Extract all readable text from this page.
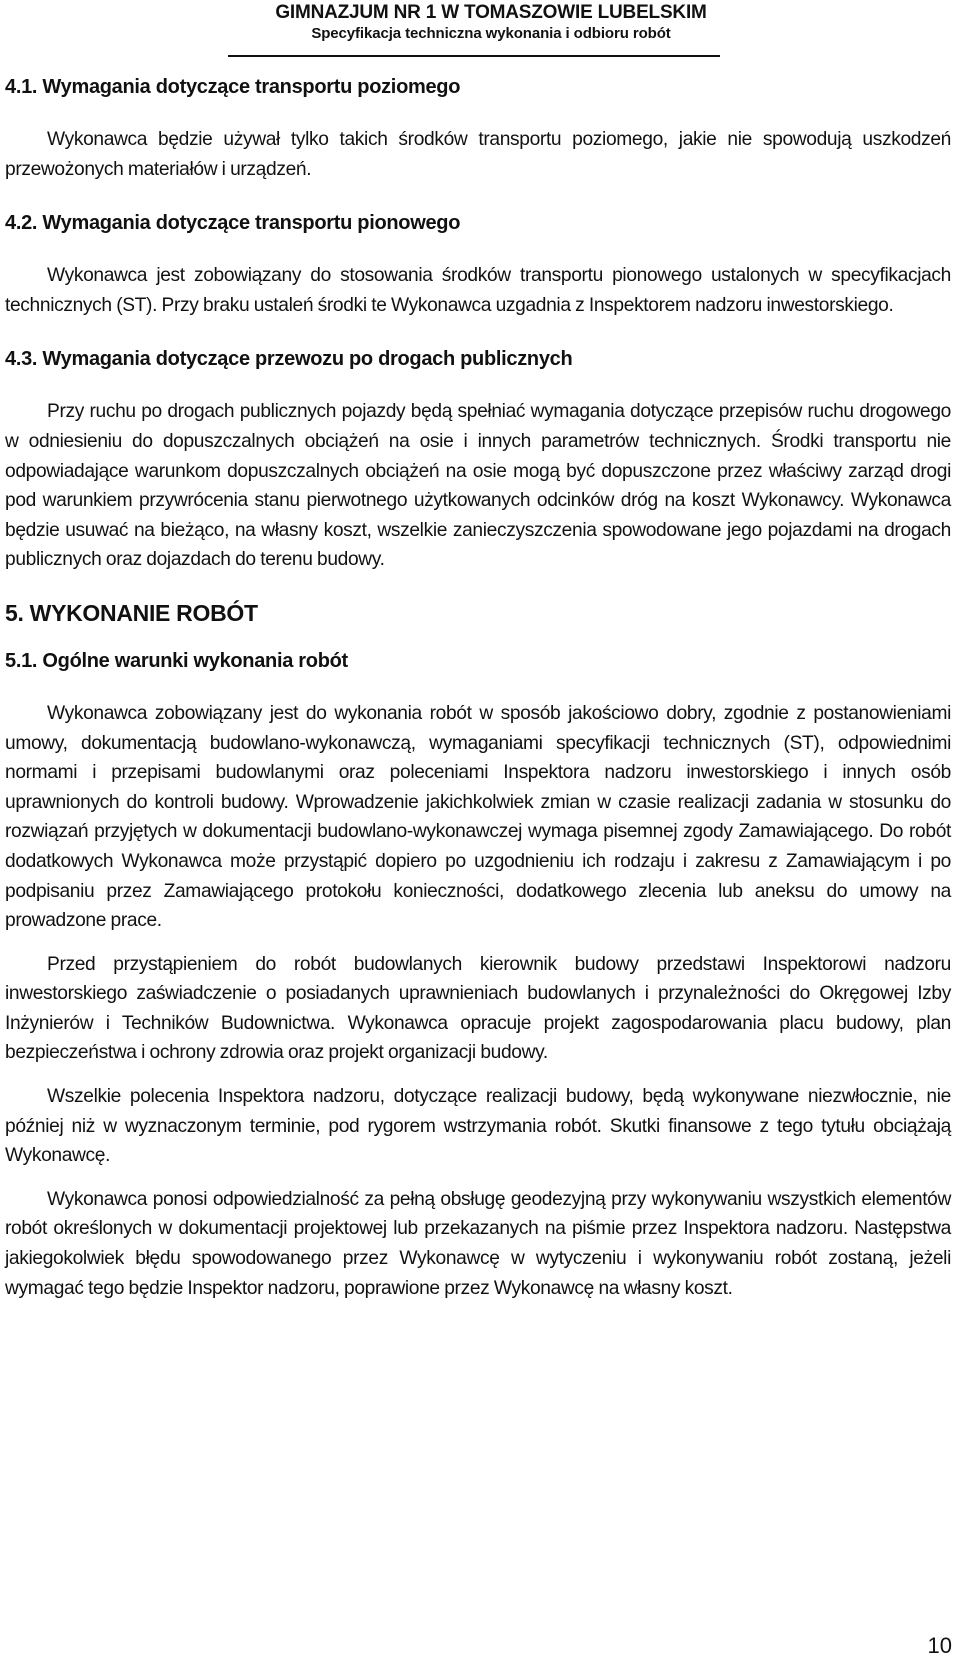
GIMNAZJUM NR 1 W TOMASZOWIE LUBELSKIM
Specyfikacja techniczna wykonania i odbioru robót
4.1. Wymagania dotyczące transportu poziomego

Wykonawca będzie używał tylko takich środków transportu poziomego, jakie nie spowodują uszkodzeń przewożonych materiałów i urządzeń.

4.2. Wymagania dotyczące transportu pionowego

Wykonawca jest zobowiązany do stosowania środków transportu pionowego ustalonych w specyfikacjach technicznych (ST). Przy braku ustaleń środki te Wykonawca uzgadnia z Inspektorem nadzoru inwestorskiego.

4.3. Wymagania dotyczące przewozu po drogach publicznych

Przy ruchu po drogach publicznych pojazdy będą spełniać wymagania dotyczące przepisów ruchu drogowego w odniesieniu do dopuszczalnych obciążeń na osie i innych parametrów technicznych. Środki transportu nie odpowiadające warunkom dopuszczalnych obciążeń na osie mogą być dopuszczone przez właściwy zarząd drogi pod warunkiem przywrócenia stanu pierwotnego użytkowanych odcinków dróg na koszt Wykonawcy. Wykonawca będzie usuwać na bieżąco, na własny koszt, wszelkie zanieczyszczenia spowodowane jego pojazdami na drogach publicznych oraz dojazdach do terenu budowy.

5. WYKONANIE ROBÓT
5.1. Ogólne warunki wykonania robót

Wykonawca zobowiązany jest do wykonania robót w sposób jakościowo dobry, zgodnie z postanowieniami umowy, dokumentacją budowlano-wykonawczą, wymaganiami specyfikacji technicznych (ST), odpowiednimi normami i przepisami budowlanymi oraz poleceniami Inspektora nadzoru inwestorskiego i innych osób uprawnionych do kontroli budowy. Wprowadzenie jakichkolwiek zmian w czasie realizacji zadania w stosunku do rozwiązań przyjętych w dokumentacji budowlano-wykonawczej wymaga pisemnej zgody Zamawiającego. Do robót dodatkowych Wykonawca może przystąpić dopiero po uzgodnieniu ich rodzaju i zakresu z Zamawiającym i po podpisaniu przez Zamawiającego protokołu konieczności, dodatkowego zlecenia lub aneksu do umowy na prowadzone prace.

Przed przystąpieniem do robót budowlanych kierownik budowy przedstawi Inspektorowi nadzoru inwestorskiego zaświadczenie o posiadanych uprawnieniach budowlanych i przynależności do Okręgowej Izby Inżynierów i Techników Budownictwa. Wykonawca opracuje projekt zagospodarowania placu budowy, plan bezpieczeństwa i ochrony zdrowia oraz projekt organizacji budowy.

Wszelkie polecenia Inspektora nadzoru, dotyczące realizacji budowy, będą wykonywane niezwłocznie, nie później niż w wyznaczonym terminie, pod rygorem wstrzymania robót. Skutki finansowe z tego tytułu obciążają Wykonawcę.

Wykonawca ponosi odpowiedzialność za pełną obsługę geodezyjną przy wykonywaniu wszystkich elementów robót określonych w dokumentacji projektowej lub przekazanych na piśmie przez Inspektora nadzoru. Następstwa jakiegokolwiek błędu spowodowanego przez Wykonawcę w wytyczeniu i wykonywaniu robót zostaną, jeżeli wymagać tego będzie Inspektor nadzoru, poprawione przez Wykonawcę na własny koszt.

10
